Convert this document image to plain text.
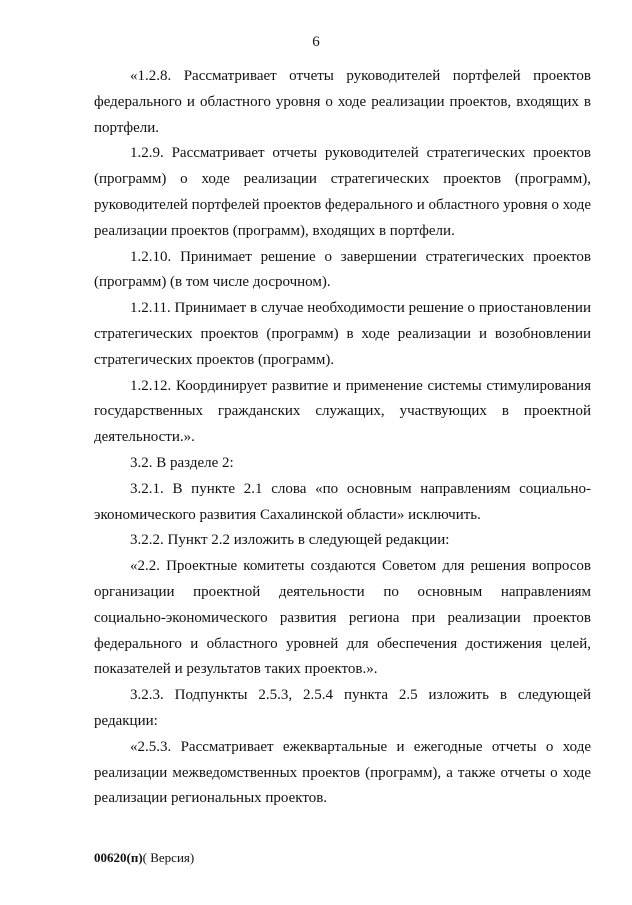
6

«1.2.8. Рассматривает отчеты руководителей портфелей проектов федерального и областного уровня о ходе реализации проектов, входящих в портфели.

1.2.9. Рассматривает отчеты руководителей стратегических проектов (программ) о ходе реализации стратегических проектов (программ), руководителей портфелей проектов федерального и областного уровня о ходе реализации проектов (программ), входящих в портфели.

1.2.10. Принимает решение о завершении стратегических проектов (программ) (в том числе досрочном).

1.2.11. Принимает в случае необходимости решение о приостановлении стратегических проектов (программ) в ходе реализации и возобновлении стратегических проектов (программ).

1.2.12. Координирует развитие и применение системы стимулирования государственных гражданских служащих, участвующих в проектной деятельности.».

3.2. В разделе 2:

3.2.1. В пункте 2.1 слова «по основным направлениям социально-экономического развития Сахалинской области» исключить.

3.2.2. Пункт 2.2 изложить в следующей редакции:

«2.2. Проектные комитеты создаются Советом для решения вопросов организации проектной деятельности по основным направлениям социально-экономического развития региона при реализации проектов федерального и областного уровней для обеспечения достижения целей, показателей и результатов таких проектов.».

3.2.3. Подпункты 2.5.3, 2.5.4 пункта 2.5 изложить в следующей редакции:

«2.5.3. Рассматривает ежеквартальные и ежегодные отчеты о ходе реализации межведомственных проектов (программ), а также отчеты о ходе реализации региональных проектов.

00620(п)( Версия)
